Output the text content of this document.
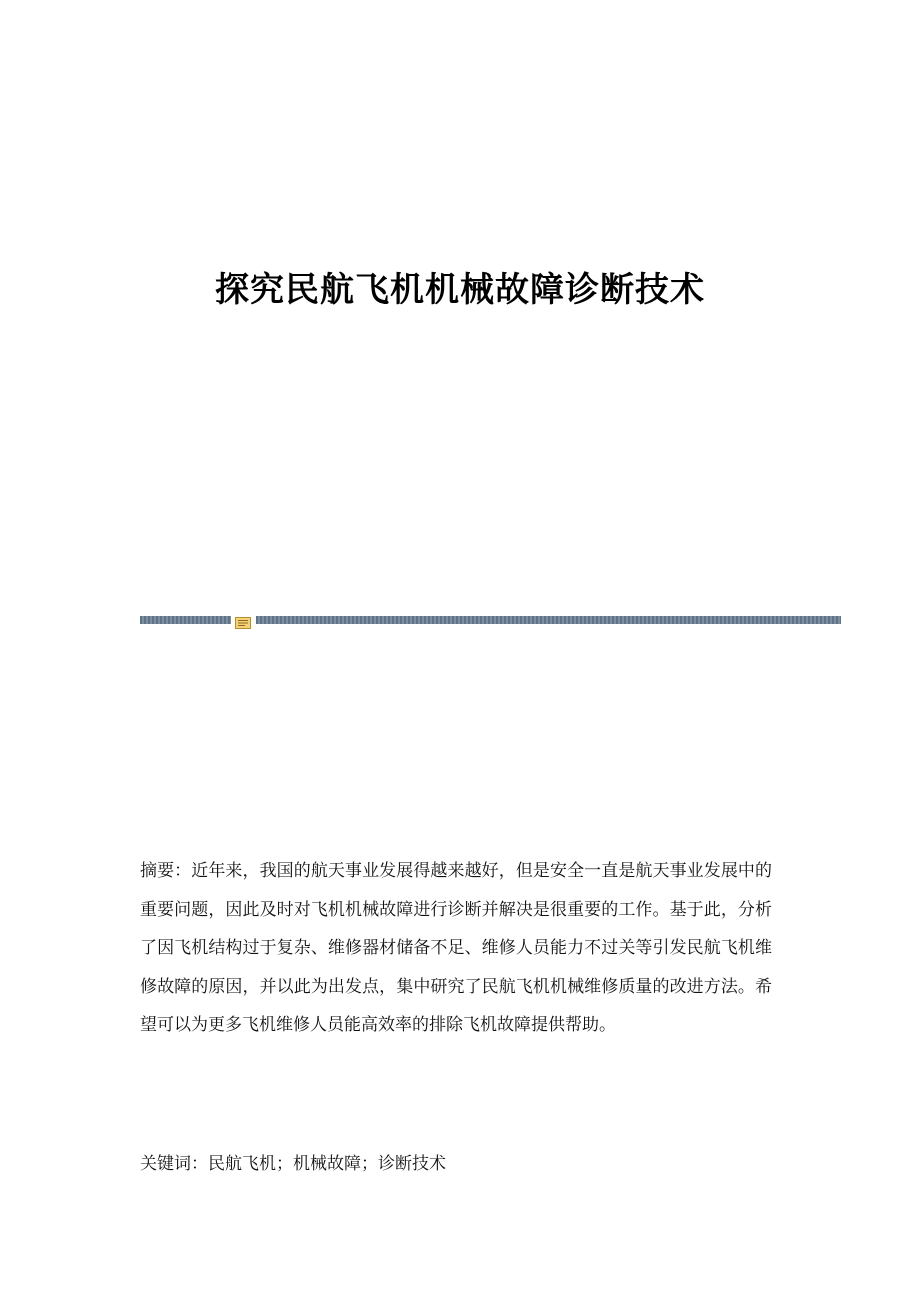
探究民航飞机机械故障诊断技术
摘要：近年来，我国的航天事业发展得越来越好，但是安全一直是航天事业发展中的重要问题，因此及时对飞机机械故障进行诊断并解决是很重要的工作。基于此，分析了因飞机结构过于复杂、维修器材储备不足、维修人员能力不过关等引发民航飞机维修故障的原因，并以此为出发点，集中研究了民航飞机机械维修质量的改进方法。希望可以为更多飞机维修人员能高效率的排除飞机故障提供帮助。
关键词：民航飞机；机械故障；诊断技术
